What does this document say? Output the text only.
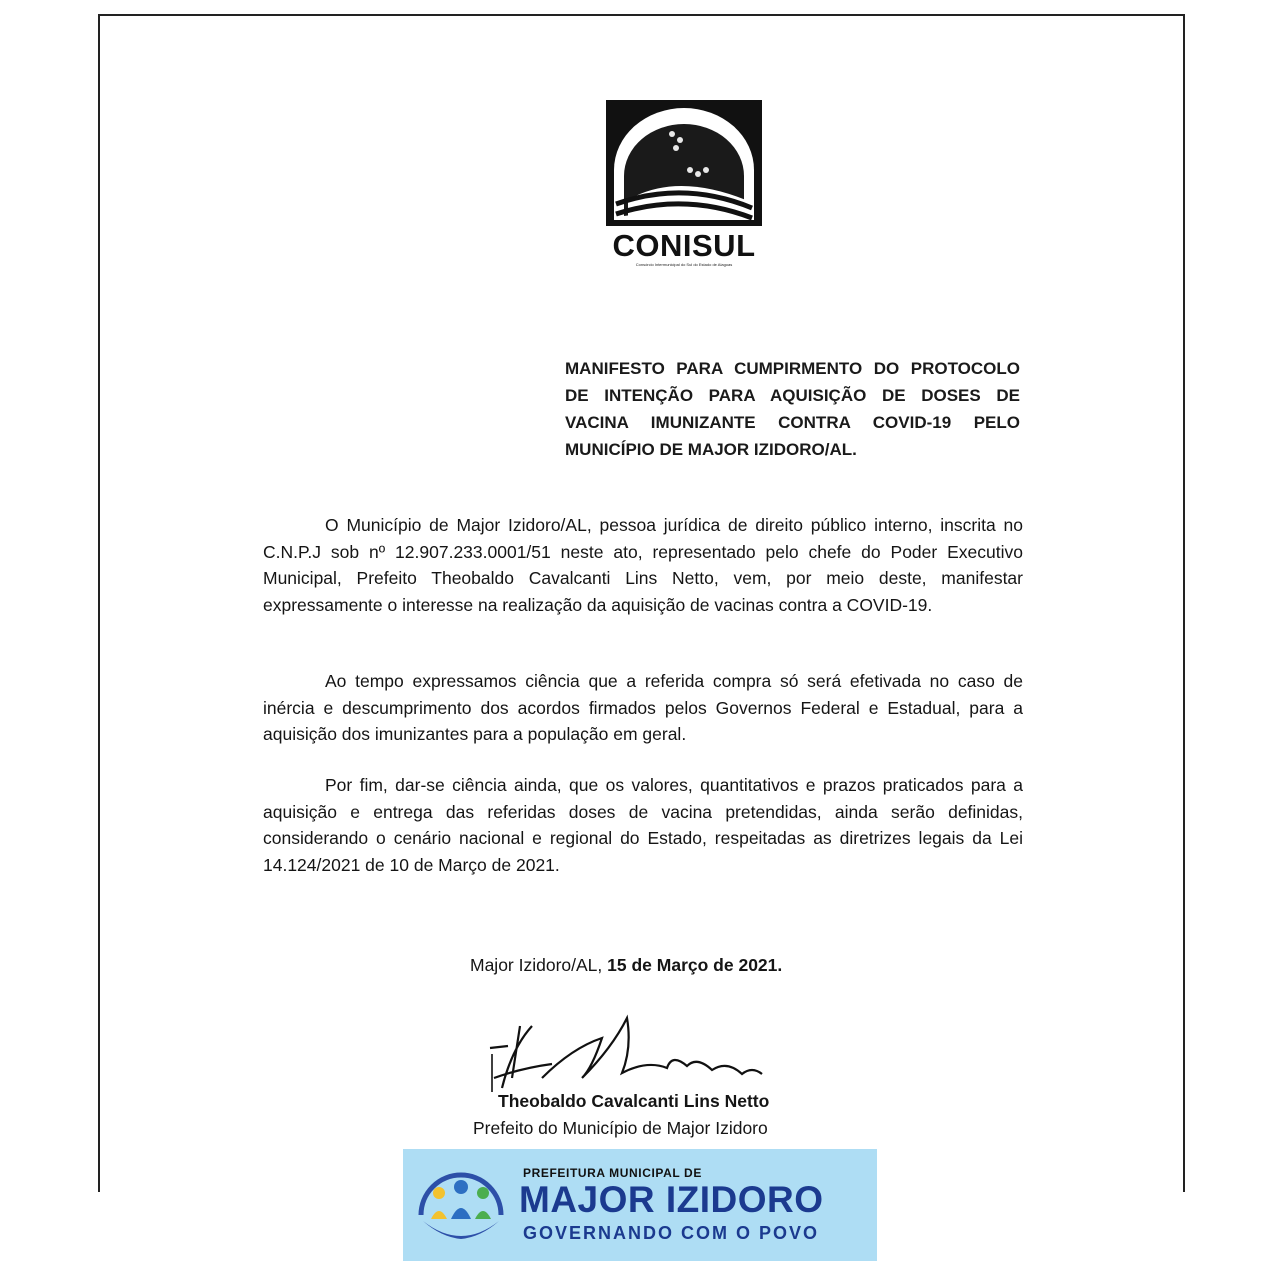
CONISUL
Consórcio Intermunicipal do Sul do Estado de Alagoas
MANIFESTO PARA CUMPIRMENTO DO PROTOCOLO DE INTENÇÃO PARA AQUISIÇÃO DE DOSES DE VACINA IMUNIZANTE CONTRA COVID-19 PELO MUNICÍPIO DE MAJOR IZIDORO/AL.
O Município de Major Izidoro/AL, pessoa jurídica de direito público interno, inscrita no C.N.P.J sob nº 12.907.233.0001/51 neste ato, representado pelo chefe do Poder Executivo Municipal, Prefeito Theobaldo Cavalcanti Lins Netto, vem, por meio deste, manifestar expressamente o interesse na realização da aquisição de vacinas contra a COVID-19.
Ao tempo expressamos ciência que a referida compra só será efetivada no caso de inércia e descumprimento dos acordos firmados pelos Governos Federal e Estadual, para a aquisição dos imunizantes para a população em geral.
Por fim, dar-se ciência ainda, que os valores, quantitativos e prazos praticados para a aquisição e entrega das referidas doses de vacina pretendidas, ainda serão definidas, considerando o cenário nacional e regional do Estado, respeitadas as diretrizes legais da Lei 14.124/2021 de 10 de Março de 2021.
Major Izidoro/AL, 15 de Março de 2021.
Theobaldo Cavalcanti Lins Netto
Prefeito do Município de Major Izidoro
PREFEITURA MUNICIPAL DE
MAJOR IZIDORO
GOVERNANDO COM O POVO
